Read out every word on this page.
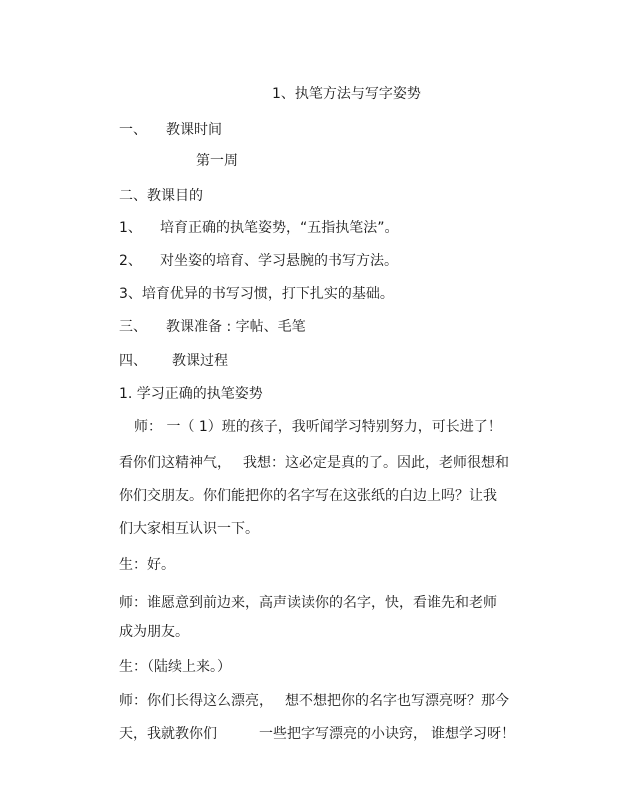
1、执笔方法与写字姿势
一、 教课时间
第一周
二、教课目的
1、 培育正确的执笔姿势，“五指执笔法”。
2、 对坐姿的培育、学习悬腕的书写方法。
3、培育优异的书写习惯，打下扎实的基础。
三、 教课准备 : 字帖、毛笔
四、 教课过程
1. 学习正确的执笔姿势
师： 一（ 1）班的孩子，我听闻学习特别努力，可长进了！
看你们这精神气， 我想：这必定是真的了。因此，老师很想和
你们交朋友。你们能把你的名字写在这张纸的白边上吗？让我
们大家相互认识一下。
生：好。
师：谁愿意到前边来，高声读读你的名字，快，看谁先和老师
成为朋友。
生：（陆续上来。）
师：你们长得这么漂亮， 想不想把你的名字也写漂亮呀？那今
天，我就教你们	一些把字写漂亮的小诀窍， 谁想学习呀！
